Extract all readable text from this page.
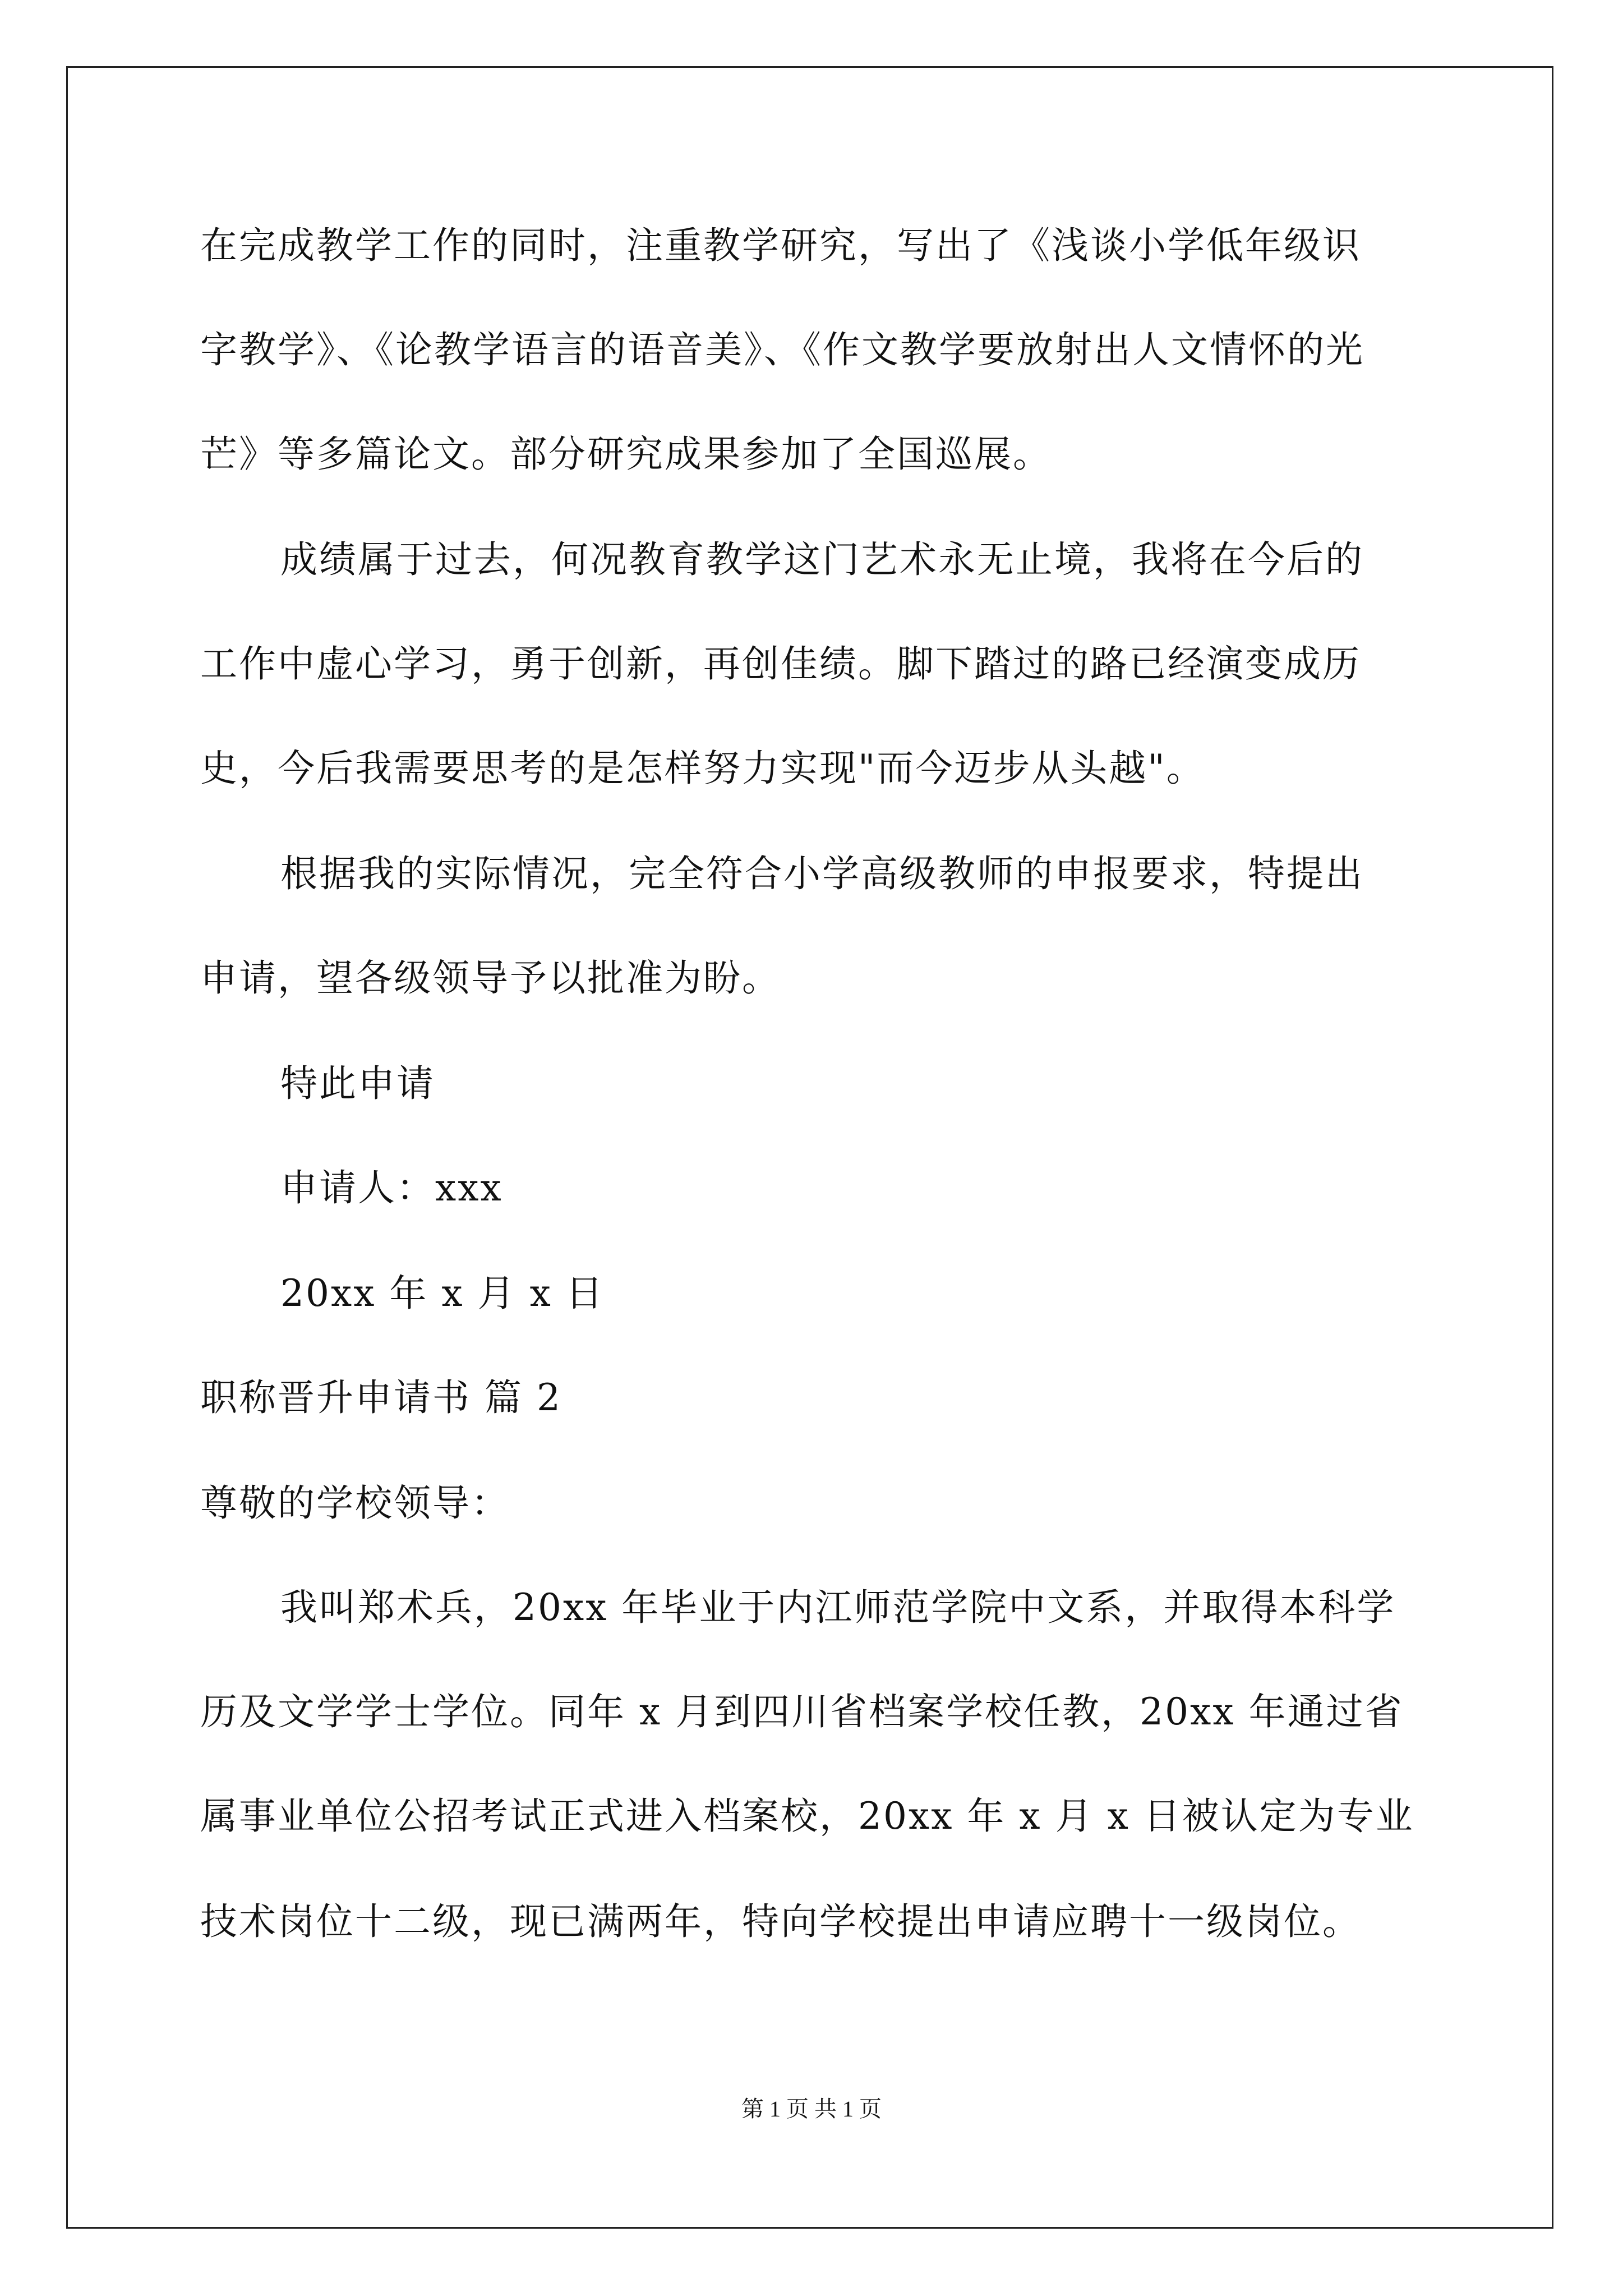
在完成教学工作的同时，注重教学研究，写出了《浅谈小学低年级识
字教学》、《论教学语言的语音美》、《作文教学要放射出人文情怀的光
芒》等多篇论文。部分研究成果参加了全国巡展。
成绩属于过去，何况教育教学这门艺术永无止境，我将在今后的
工作中虚心学习，勇于创新，再创佳绩。脚下踏过的路已经演变成历
史，今后我需要思考的是怎样努力实现"而今迈步从头越"。
根据我的实际情况，完全符合小学高级教师的申报要求，特提出
申请，望各级领导予以批准为盼。
特此申请
申请人：xxx
20xx 年 x 月 x 日
职称晋升申请书 篇 2
尊敬的学校领导：
我叫郑术兵，20xx 年毕业于内江师范学院中文系，并取得本科学
历及文学学士学位。同年 x 月到四川省档案学校任教，20xx 年通过省
属事业单位公招考试正式进入档案校，20xx 年 x 月 x 日被认定为专业
技术岗位十二级，现已满两年，特向学校提出申请应聘十一级岗位。
第 1 页 共 1 页
